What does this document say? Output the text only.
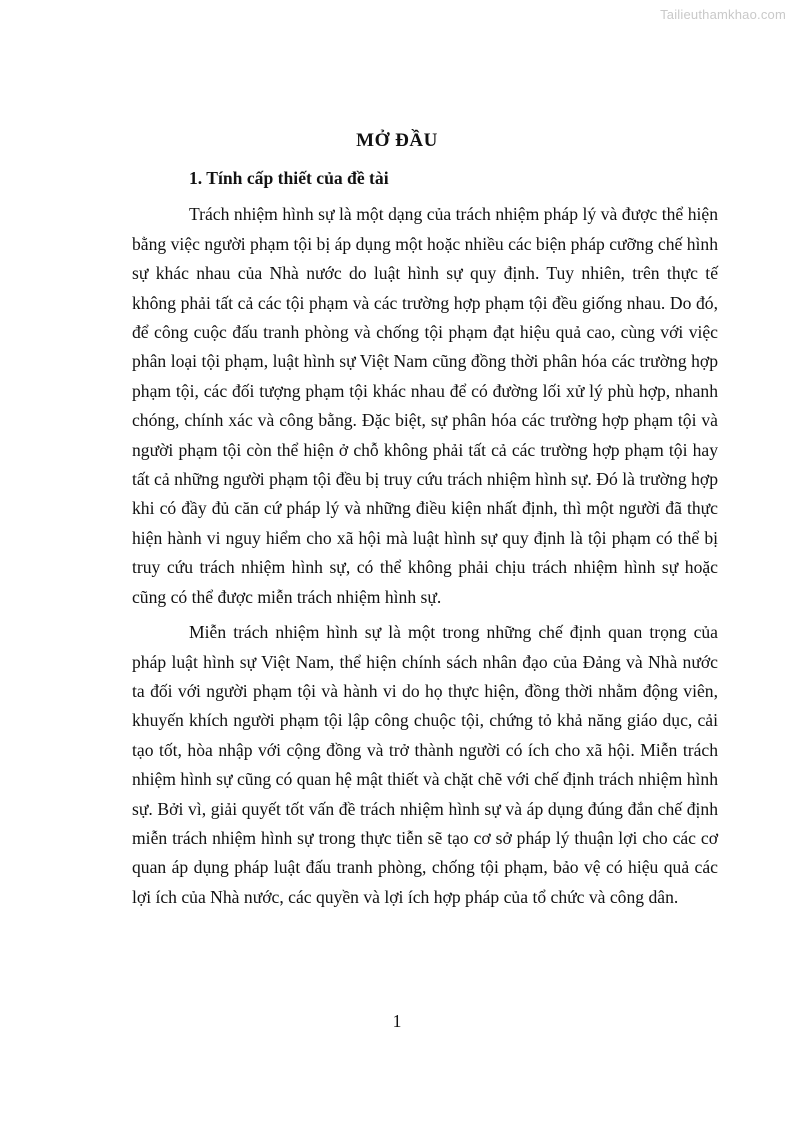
Tailieuthamkhao.com
MỞ ĐẦU
1. Tính cấp thiết của đề tài

Trách nhiệm hình sự là một dạng của trách nhiệm pháp lý và được thể hiện bằng việc người phạm tội bị áp dụng một hoặc nhiều các biện pháp cưỡng chế hình sự khác nhau của Nhà nước do luật hình sự quy định. Tuy nhiên, trên thực tế không phải tất cả các tội phạm và các trường hợp phạm tội đều giống nhau. Do đó, để công cuộc đấu tranh phòng và chống tội phạm đạt hiệu quả cao, cùng với việc phân loại tội phạm, luật hình sự Việt Nam cũng đồng thời phân hóa các trường hợp phạm tội, các đối tượng phạm tội khác nhau để có đường lối xử lý phù hợp, nhanh chóng, chính xác và công bằng. Đặc biệt, sự phân hóa các trường hợp phạm tội và người phạm tội còn thể hiện ở chỗ không phải tất cả các trường hợp phạm tội hay tất cả những người phạm tội đều bị truy cứu trách nhiệm hình sự. Đó là trường hợp khi có đầy đủ căn cứ pháp lý và những điều kiện nhất định, thì một người đã thực hiện hành vi nguy hiểm cho xã hội mà luật hình sự quy định là tội phạm có thể bị truy cứu trách nhiệm hình sự, có thể không phải chịu trách nhiệm hình sự hoặc cũng có thể được miễn trách nhiệm hình sự.

Miễn trách nhiệm hình sự là một trong những chế định quan trọng của pháp luật hình sự Việt Nam, thể hiện chính sách nhân đạo của Đảng và Nhà nước ta đối với người phạm tội và hành vi do họ thực hiện, đồng thời nhằm động viên, khuyến khích người phạm tội lập công chuộc tội, chứng tỏ khả năng giáo dục, cải tạo tốt, hòa nhập với cộng đồng và trở thành người có ích cho xã hội. Miễn trách nhiệm hình sự cũng có quan hệ mật thiết và chặt chẽ với chế định trách nhiệm hình sự. Bởi vì, giải quyết tốt vấn đề trách nhiệm hình sự và áp dụng đúng đắn chế định miễn trách nhiệm hình sự trong thực tiễn sẽ tạo cơ sở pháp lý thuận lợi cho các cơ quan áp dụng pháp luật đấu tranh phòng, chống tội phạm, bảo vệ có hiệu quả các lợi ích của Nhà nước, các quyền và lợi ích hợp pháp của tổ chức và công dân.

1
